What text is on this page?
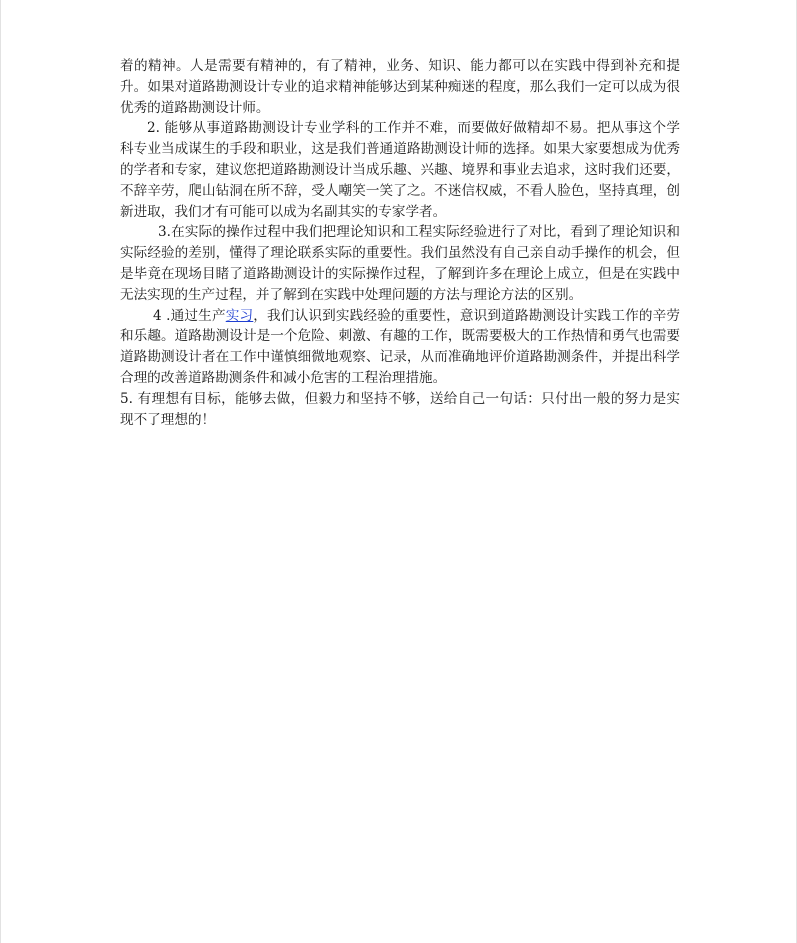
着的精神。人是需要有精神的，有了精神，业务、知识、能力都可以在实践中得到补充和提升。如果对道路勘测设计专业的追求精神能够达到某种痴迷的程度，那么我们一定可以成为很优秀的道路勘测设计师。

2. 能够从事道路勘测设计专业学科的工作并不难，而要做好做精却不易。把从事这个学科专业当成谋生的手段和职业，这是我们普通道路勘测设计师的选择。如果大家要想成为优秀的学者和专家，建议您把道路勘测设计当成乐趣、兴趣、境界和事业去追求，这时我们还要，不辞辛劳，爬山钻洞在所不辞，受人嘲笑一笑了之。不迷信权威，不看人脸色，坚持真理，创新进取，我们才有可能可以成为名副其实的专家学者。

3.在实际的操作过程中我们把理论知识和工程实际经验进行了对比，看到了理论知识和实际经验的差别，懂得了理论联系实际的重要性。我们虽然没有自己亲自动手操作的机会，但是毕竟在现场目睹了道路勘测设计的实际操作过程，了解到许多在理论上成立，但是在实践中无法实现的生产过程，并了解到在实践中处理问题的方法与理论方法的区别。

4 .通过生产实习，我们认识到实践经验的重要性，意识到道路勘测设计实践工作的辛劳和乐趣。道路勘测设计是一个危险、刺激、有趣的工作，既需要极大的工作热情和勇气也需要道路勘测设计者在工作中谨慎细微地观察、记录，从而准确地评价道路勘测条件，并提出科学合理的改善道路勘测条件和减小危害的工程治理措施。

5. 有理想有目标，能够去做，但毅力和坚持不够，送给自己一句话：只付出一般的努力是实现不了理想的！
